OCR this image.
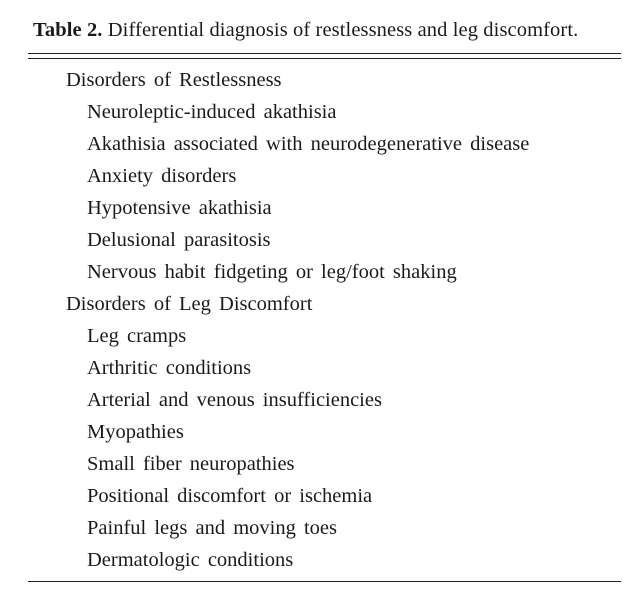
Table 2. Differential diagnosis of restlessness and leg discomfort.
Disorders of Restlessness
Neuroleptic-induced akathisia
Akathisia associated with neurodegenerative disease
Anxiety disorders
Hypotensive akathisia
Delusional parasitosis
Nervous habit fidgeting or leg/foot shaking
Disorders of Leg Discomfort
Leg cramps
Arthritic conditions
Arterial and venous insufficiencies
Myopathies
Small fiber neuropathies
Positional discomfort or ischemia
Painful legs and moving toes
Dermatologic conditions
